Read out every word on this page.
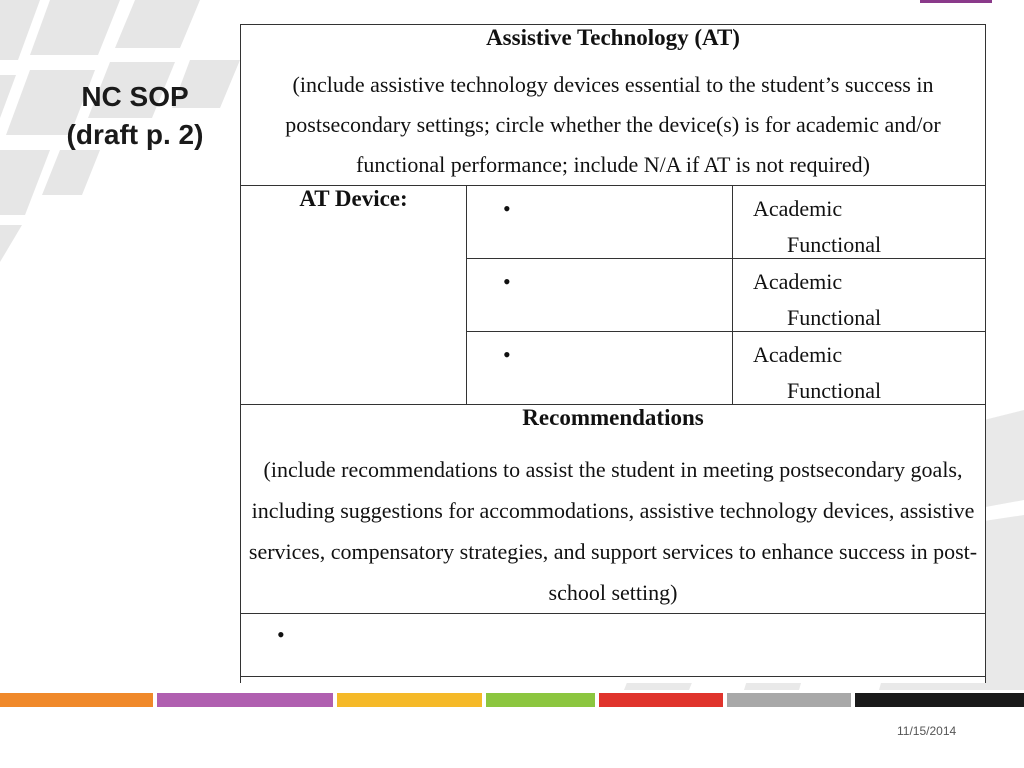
NC SOP
(draft p. 2)
Assistive Technology (AT)
(include assistive technology devices essential to the student’s success in postsecondary settings; circle whether the device(s) is for academic and/or functional performance; include N/A if AT is not required)		

AT Device:	•	AcademicFunctional
	•	AcademicFunctional
	•	AcademicFunctional

Recommendations
(include recommendations to assist the student in meeting postsecondary goals, including suggestions for accommodations, assistive technology devices, assistive services, compensatory strategies, and support services to enhance success in post-school setting)		

•		

11/15/2014
